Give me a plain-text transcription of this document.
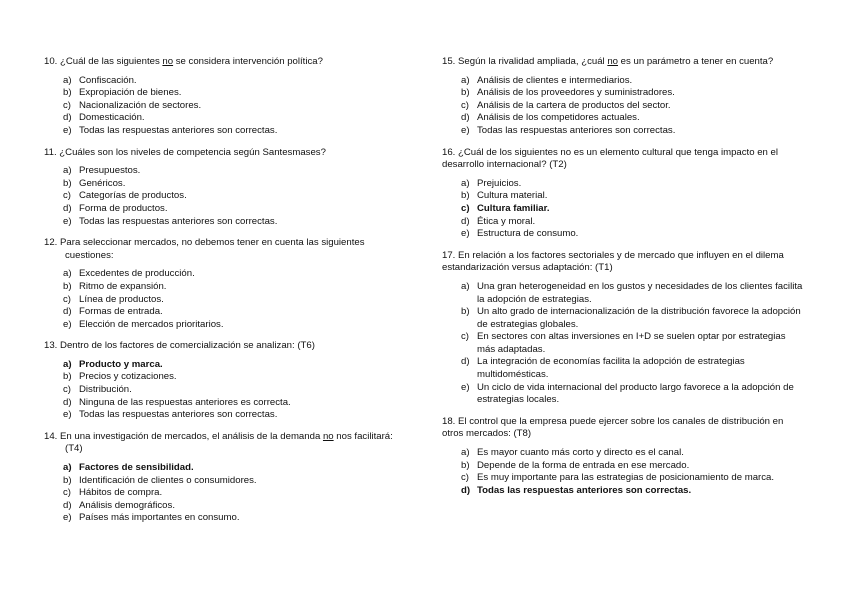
10. ¿Cuál de las siguientes no se considera intervención política?

a) Confiscación.
b) Expropiación de bienes.
c) Nacionalización de sectores.
d) Domesticación.
e) Todas las respuestas anteriores son correctas.

11. ¿Cuáles son los niveles de competencia según Santesmases?

a) Presupuestos.
b) Genéricos.
c) Categorías de productos.
d) Forma de productos.
e) Todas las respuestas anteriores son correctas.

12. Para seleccionar mercados, no debemos tener en cuenta las siguientes cuestiones:

a) Excedentes de producción.
b) Ritmo de expansión.
c) Línea de productos.
d) Formas de entrada.
e) Elección de mercados prioritarios.

13. Dentro de los factores de comercialización se analizan: (T6)

a) Producto y marca.
b) Precios y cotizaciones.
c) Distribución.
d) Ninguna de las respuestas anteriores es correcta.
e) Todas las respuestas anteriores son correctas.

14. En una investigación de mercados, el análisis de la demanda no nos facilitará: (T4)

a) Factores de sensibilidad.
b) Identificación de clientes o consumidores.
c) Hábitos de compra.
d) Análisis demográficos.
e) Países más importantes en consumo.

15. Según la rivalidad ampliada, ¿cuál no es un parámetro a tener en cuenta?

a) Análisis de clientes e intermediarios.
b) Análisis de los proveedores y suministradores.
c) Análisis de la cartera de productos del sector.
d) Análisis de los competidores actuales.
e) Todas las respuestas anteriores son correctas.

16. ¿Cuál de los siguientes no es un elemento cultural que tenga impacto en el desarrollo internacional? (T2)

a) Prejuicios.
b) Cultura material.
c) Cultura familiar.
d) Ética y moral.
e) Estructura de consumo.

17. En relación a los factores sectoriales y de mercado que influyen en el dilema estandarización versus adaptación: (T1)

a) Una gran heterogeneidad en los gustos y necesidades de los clientes facilita la adopción de estrategias.
b) Un alto grado de internacionalización de la distribución favorece la adopción de estrategias globales.
c) En sectores con altas inversiones en I+D se suelen optar por estrategias más adaptadas.
d) La integración de economías facilita la adopción de estrategias multidomésticas.
e) Un ciclo de vida internacional del producto largo favorece a la adopción de estrategias locales.

18. El control que la empresa puede ejercer sobre los canales de distribución en otros mercados: (T8)

a) Es mayor cuanto más corto y directo es el canal.
b) Depende de la forma de entrada en ese mercado.
c) Es muy importante para las estrategias de posicionamiento de marca.
d) Todas las respuestas anteriores son correctas.
